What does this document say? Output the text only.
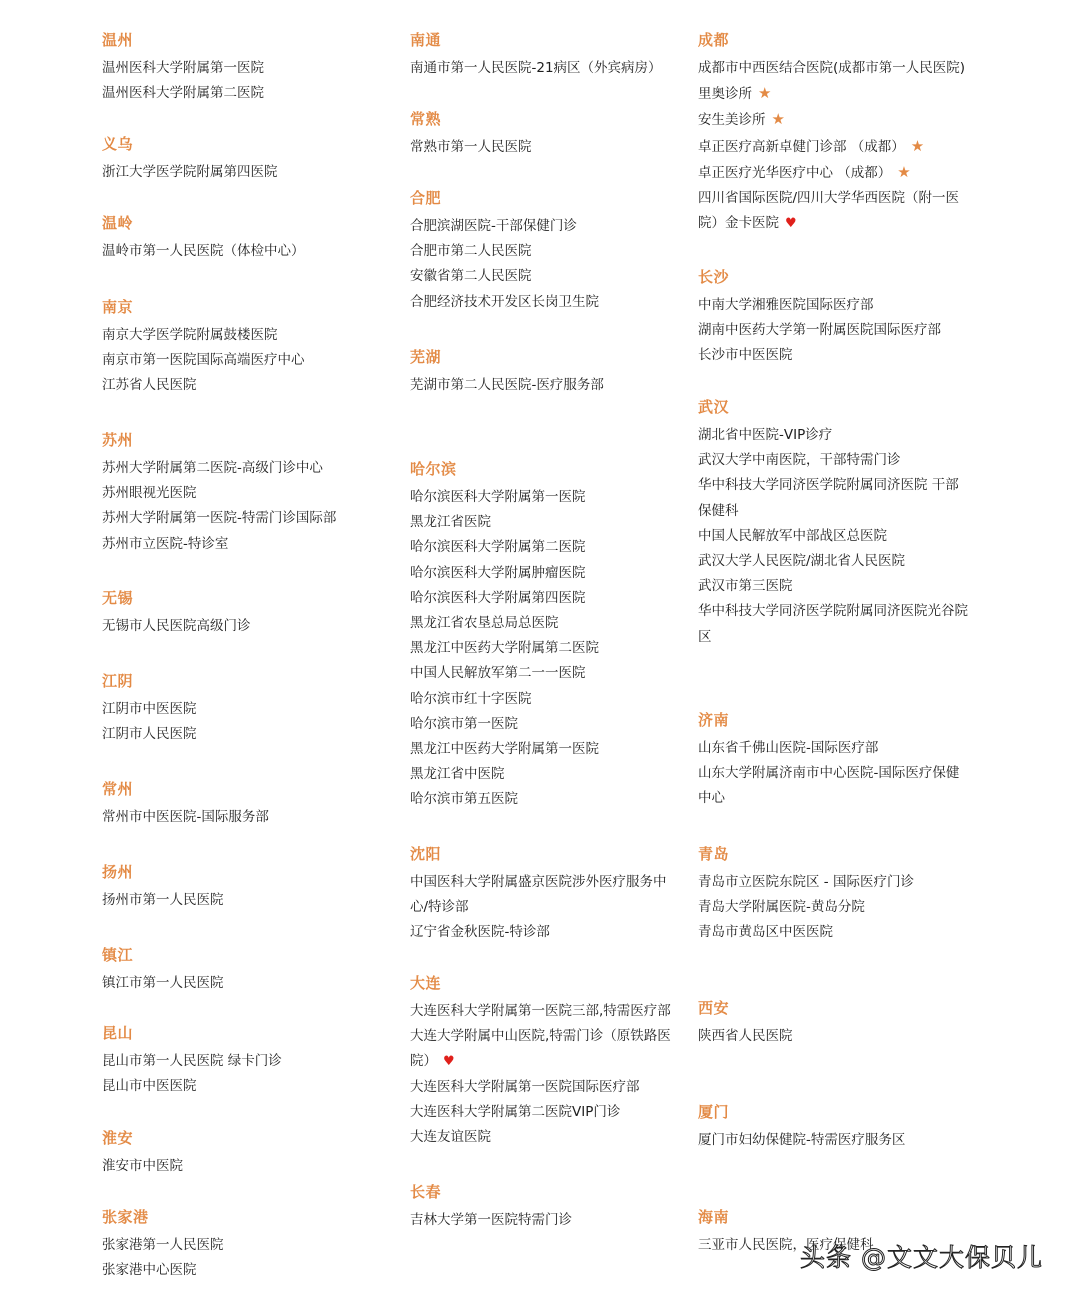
温州
温州医科大学附属第一医院
温州医科大学附属第二医院
义乌
浙江大学医学院附属第四医院
温岭
温岭市第一人民医院（体检中心）
南京
南京大学医学院附属鼓楼医院
南京市第一医院国际高端医疗中心
江苏省人民医院
苏州
苏州大学附属第二医院-高级门诊中心
苏州眼视光医院
苏州大学附属第一医院-特需门诊国际部
苏州市立医院-特诊室
无锡
无锡市人民医院高级门诊
江阴
江阴市中医医院
江阴市人民医院
常州
常州市中医医院-国际服务部
扬州
扬州市第一人民医院
镇江
镇江市第一人民医院
昆山
昆山市第一人民医院 绿卡门诊
昆山市中医医院
淮安
淮安市中医院
张家港
张家港第一人民医院
张家港中心医院
南通
南通市第一人民医院-21病区（外宾病房）
常熟
常熟市第一人民医院
合肥
合肥滨湖医院-干部保健门诊
合肥市第二人民医院
安徽省第二人民医院
合肥经济技术开发区长岗卫生院
芜湖
芜湖市第二人民医院-医疗服务部
哈尔滨
哈尔滨医科大学附属第一医院
黑龙江省医院
哈尔滨医科大学附属第二医院
哈尔滨医科大学附属肿瘤医院
哈尔滨医科大学附属第四医院
黑龙江省农垦总局总医院
黑龙江中医药大学附属第二医院
中国人民解放军第二一一医院
哈尔滨市红十字医院
哈尔滨市第一医院
黑龙江中医药大学附属第一医院
黑龙江省中医院
哈尔滨市第五医院
沈阳
中国医科大学附属盛京医院涉外医疗服务中
心/特诊部
辽宁省金秋医院-特诊部
大连
大连医科大学附属第一医院三部,特需医疗部
大连大学附属中山医院,特需门诊（原铁路医
院） ♥
大连医科大学附属第一医院国际医疗部
大连医科大学附属第二医院VIP门诊
大连友谊医院
长春
吉林大学第一医院特需门诊
成都
成都市中西医结合医院(成都市第一人民医院)
里奥诊所 ★
安生美诊所 ★
卓正医疗高新卓健门诊部 （成都） ★
卓正医疗光华医疗中心 （成都） ★
四川省国际医院/四川大学华西医院（附一医
院）金卡医院 ♥
长沙
中南大学湘雅医院国际医疗部
湖南中医药大学第一附属医院国际医疗部
长沙市中医医院
武汉
湖北省中医院-VIP诊疗
武汉大学中南医院，干部特需门诊
华中科技大学同济医学院附属同济医院 干部
保健科
中国人民解放军中部战区总医院
武汉大学人民医院/湖北省人民医院
武汉市第三医院
华中科技大学同济医学院附属同济医院光谷院
区
济南
山东省千佛山医院-国际医疗部
山东大学附属济南市中心医院-国际医疗保健
中心
青岛
青岛市立医院东院区 - 国际医疗门诊
青岛大学附属医院-黄岛分院
青岛市黄岛区中医医院
西安
陕西省人民医院
厦门
厦门市妇幼保健院-特需医疗服务区
海南
三亚市人民医院，医疗保健科
头条 @文文大保贝儿
